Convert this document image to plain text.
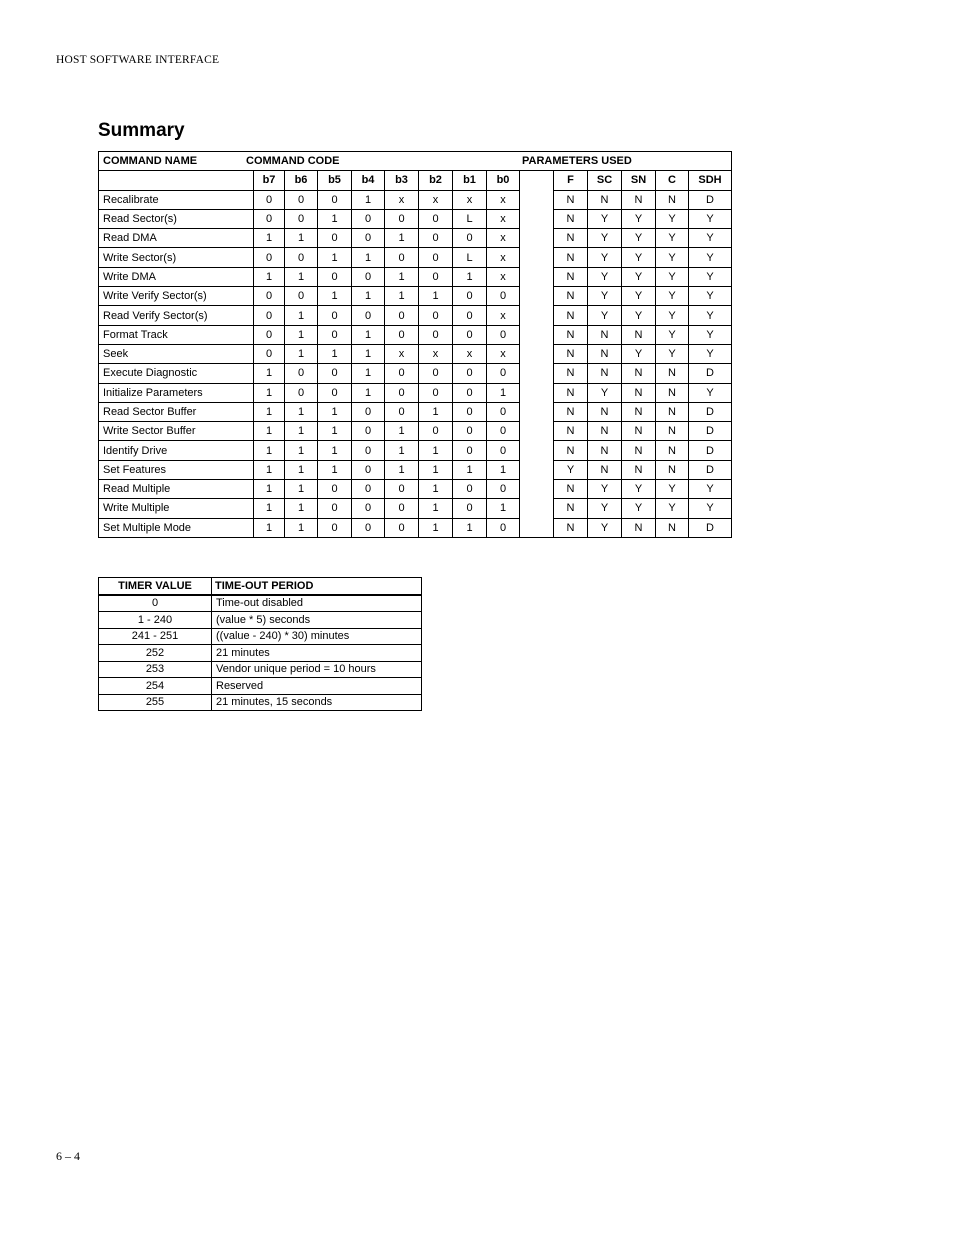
HOST SOFTWARE INTERFACE
Summary
COMMAND NAME COMMAND CODE PARAMETERS USED														

	b7	b6	b5	b4	b3	b2	b1	b0		F	SC	SN	C	SDH
Recalibrate	0	0	0	1	x	x	x	x		N	N	N	N	D
Read Sector(s)	0	0	1	0	0	0	L	x		N	Y	Y	Y	Y
Read DMA	1	1	0	0	1	0	0	x		N	Y	Y	Y	Y
Write Sector(s)	0	0	1	1	0	0	L	x		N	Y	Y	Y	Y
Write DMA	1	1	0	0	1	0	1	x		N	Y	Y	Y	Y
Write Verify Sector(s)	0	0	1	1	1	1	0	0		N	Y	Y	Y	Y
Read Verify Sector(s)	0	1	0	0	0	0	0	x		N	Y	Y	Y	Y
Format Track	0	1	0	1	0	0	0	0		N	N	N	Y	Y
Seek	0	1	1	1	x	x	x	x		N	N	Y	Y	Y
Execute Diagnostic	1	0	0	1	0	0	0	0		N	N	N	N	D
Initialize Parameters	1	0	0	1	0	0	0	1		N	Y	N	N	Y
Read Sector Buffer	1	1	1	0	0	1	0	0		N	N	N	N	D
Write Sector Buffer	1	1	1	0	1	0	0	0		N	N	N	N	D
Identify Drive	1	1	1	0	1	1	0	0		N	N	N	N	D
Set Features	1	1	1	0	1	1	1	1		Y	N	N	N	D
Read Multiple	1	1	0	0	0	1	0	0		N	Y	Y	Y	Y
Write Multiple	1	1	0	0	0	1	0	1		N	Y	Y	Y	Y
Set Multiple Mode	1	1	0	0	0	1	1	0		N	Y	N	N	D
TIMER VALUE	TIME-OUT PERIOD
0	Time-out disabled
1 - 240	(value * 5) seconds
241 - 251	((value - 240) * 30) minutes
252	21 minutes
253	Vendor unique period = 10 hours
254	Reserved
255	21 minutes, 15 seconds
6 – 4
